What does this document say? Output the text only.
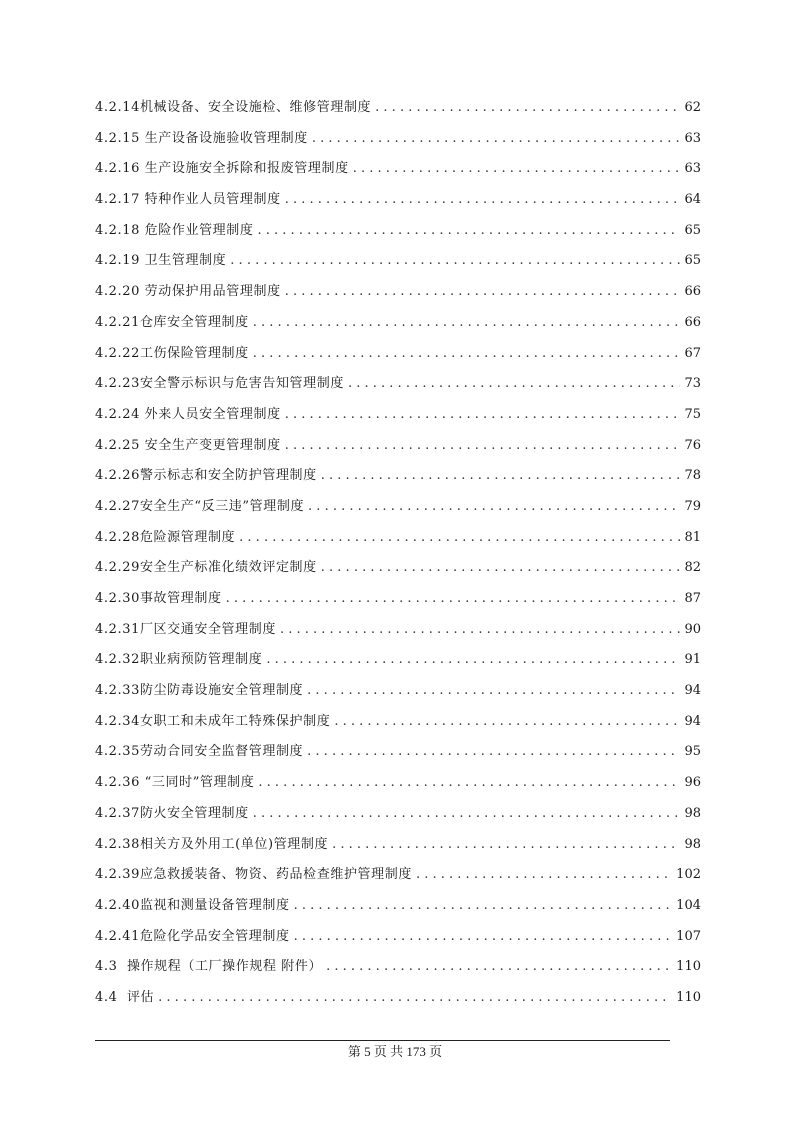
4.2.14 机械设备、安全设施检、维修管理制度 . . .	62
4.2.15 生产设备设施验收管理制度 . . .	63
4.2.16 生产设施安全拆除和报废管理制度 . . .	63
4.2.17 特种作业人员管理制度 . . .	64
4.2.18 危险作业管理制度 . . .	65
4.2.19 卫生管理制度 . . .	65
4.2.20 劳动保护用品管理制度 . . .	66
4.2.21 仓库安全管理制度 . . .	66
4.2.22 工伤保险管理制度 . . .	67
4.2.23 安全警示标识与危害告知管理制度 . . .	73
4.2.24 外来人员安全管理制度 . . .	75
4.2.25 安全生产变更管理制度 . . .	76
4.2.26 警示标志和安全防护管理制度 . . .	78
4.2.27 安全生产“反三违”管理制度 . . .	79
4.2.28 危险源管理制度 . . .	81
4.2.29 安全生产标准化绩效评定制度 . . .	82
4.2.30 事故管理制度 . . .	87
4.2.31 厂区交通安全管理制度 . . .	90
4.2.32 职业病预防管理制度 . . .	91
4.2.33 防尘防毒设施安全管理制度 . . .	94
4.2.34 女职工和未成年工特殊保护制度 . . .	94
4.2.35 劳动合同安全监督管理制度 . . .	95
4.2.36 “三同时”管理制度 . . .	96
4.2.37 防火安全管理制度 . . .	98
4.2.38 相关方及外用工(单位)管理制度 . . .	98
4.2.39 应急救援装备、物资、药品检查维护管理制度 . . .	102
4.2.40 监视和测量设备管理制度 . . .	104
4.2.41 危险化学品安全管理制度 . . .	107
4.3 操作规程（工厂操作规程 附件） . . .	110
4.4 评估 . . .	110
第 5 页 共 173 页
